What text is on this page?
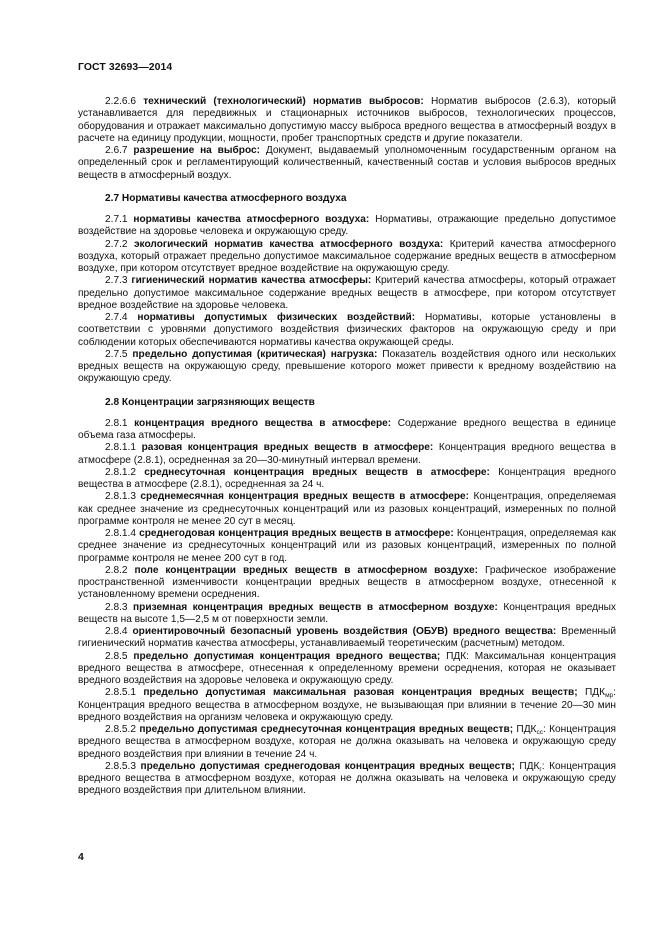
ГОСТ 32693—2014

2.2.6.6 технический (технологический) норматив выбросов: Норматив выбросов (2.6.3), который устанавливается для передвижных и стационарных источников выбросов, технологических процессов, оборудования и отражает максимально допустимую массу выброса вредного вещества в атмосферный воздух в расчете на единицу продукции, мощности, пробег транспортных средств и другие показатели.

2.6.7 разрешение на выброс: Документ, выдаваемый уполномоченным государственным органом на определенный срок и регламентирующий количественный, качественный состав и условия выбросов вредных веществ в атмосферный воздух.

2.7 Нормативы качества атмосферного воздуха

2.7.1 нормативы качества атмосферного воздуха: Нормативы, отражающие предельно допустимое воздействие на здоровье человека и окружающую среду.

2.7.2 экологический норматив качества атмосферного воздуха: Критерий качества атмосферного воздуха, который отражает предельно допустимое максимальное содержание вредных веществ в атмосферном воздухе, при котором отсутствует вредное воздействие на окружающую среду.

2.7.3 гигиенический норматив качества атмосферы: Критерий качества атмосферы, который отражает предельно допустимое максимальное содержание вредных веществ в атмосфере, при котором отсутствует вредное воздействие на здоровье человека.

2.7.4 нормативы допустимых физических воздействий: Нормативы, которые установлены в соответствии с уровнями допустимого воздействия физических факторов на окружающую среду и при соблюдении которых обеспечиваются нормативы качества окружающей среды.

2.7.5 предельно допустимая (критическая) нагрузка: Показатель воздействия одного или нескольких вредных веществ на окружающую среду, превышение которого может привести к вредному воздействию на окружающую среду.

2.8 Концентрации загрязняющих веществ

2.8.1 концентрация вредного вещества в атмосфере: Содержание вредного вещества в единице объема газа атмосферы.

2.8.1.1 разовая концентрация вредных веществ в атмосфере: Концентрация вредного вещества в атмосфере (2.8.1), осредненная за 20—30-минутный интервал времени.

2.8.1.2 среднесуточная концентрация вредных веществ в атмосфере: Концентрация вредного вещества в атмосфере (2.8.1), осредненная за 24 ч.

2.8.1.3 среднемесячная концентрация вредных веществ в атмосфере: Концентрация, определяемая как среднее значение из среднесуточных концентраций или из разовых концентраций, измеренных по полной программе контроля не менее 20 сут в месяц.

2.8.1.4 среднегодовая концентрация вредных веществ в атмосфере: Концентрация, определяемая как среднее значение из среднесуточных концентраций или из разовых концентраций, измеренных по полной программе контроля не менее 200 сут в год.

2.8.2 поле концентрации вредных веществ в атмосферном воздухе: Графическое изображение пространственной изменчивости концентрации вредных веществ в атмосферном воздухе, отнесенной к установленному времени осреднения.

2.8.3 приземная концентрация вредных веществ в атмосферном воздухе: Концентрация вредных веществ на высоте 1,5—2,5 м от поверхности земли.

2.8.4 ориентировочный безопасный уровень воздействия (ОБУВ) вредного вещества: Временный гигиенический норматив качества атмосферы, устанавливаемый теоретическим (расчетным) методом.

2.8.5 предельно допустимая концентрация вредного вещества; ПДК: Максимальная концентрация вредного вещества в атмосфере, отнесенная к определенному времени осреднения, которая не оказывает вредного воздействия на здоровье человека и окружающую среду.

2.8.5.1 предельно допустимая максимальная разовая концентрация вредных веществ; $ПДК_{мр}$: Концентрация вредного вещества в атмосферном воздухе, не вызывающая при влиянии в течение 20—30 мин вредного воздействия на организм человека и окружающую среду.

2.8.5.2 предельно допустимая среднесуточная концентрация вредных веществ; $ПДК_{сс}$: Концентрация вредного вещества в атмосферном воздухе, которая не должна оказывать на человека и окружающую среду вредного воздействия при влиянии в течение 24 ч.

2.8.5.3 предельно допустимая среднегодовая концентрация вредных веществ; $ПДК_г$: Концентрация вредного вещества в атмосферном воздухе, которая не должна оказывать на человека и окружающую среду вредного воздействия при длительном влиянии.

4
